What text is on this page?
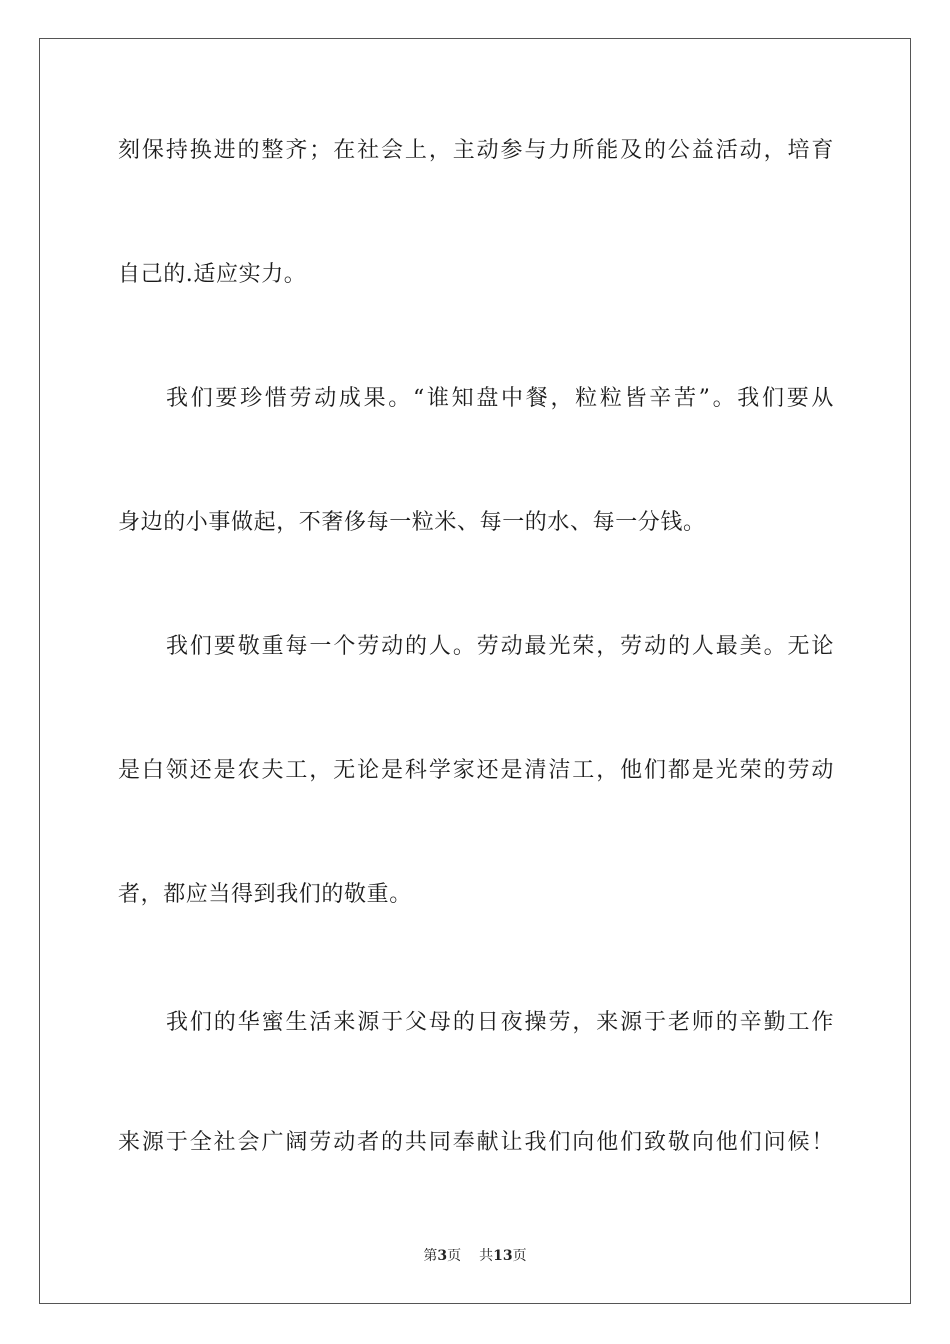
刻保持换进的整齐；在社会上，主动参与力所能及的公益活动，培育
自己的.适应实力。
我们要珍惜劳动成果。“谁知盘中餐，粒粒皆辛苦”。我们要从
身边的小事做起，不奢侈每一粒米、每一的水、每一分钱。
我们要敬重每一个劳动的人。劳动最光荣，劳动的人最美。无论
是白领还是农夫工，无论是科学家还是清洁工，他们都是光荣的劳动
者，都应当得到我们的敬重。
我们的华蜜生活来源于父母的日夜操劳，来源于老师的辛勤工作
来源于全社会广阔劳动者的共同奉献让我们向他们致敬向他们问候！
第3页 共13页
